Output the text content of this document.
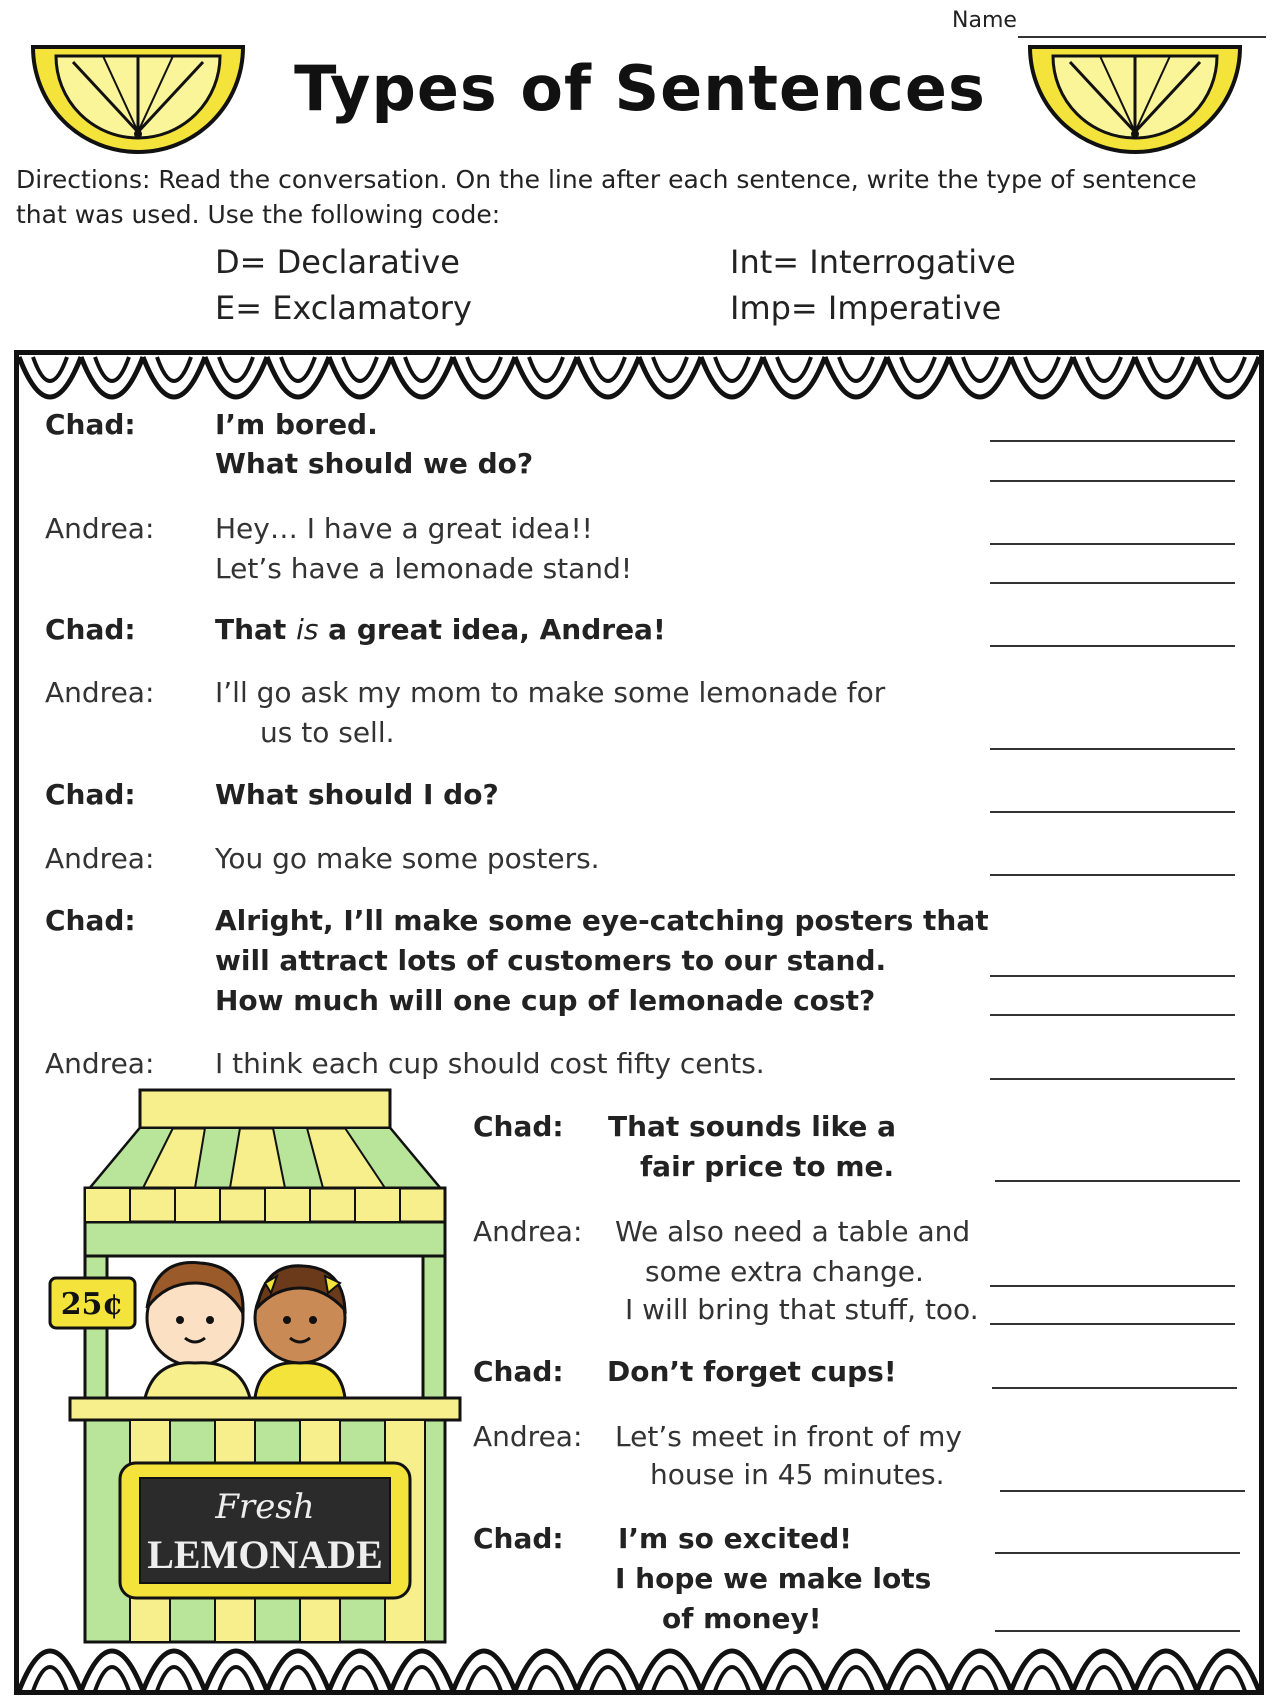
Name
Types of Sentences
Directions: Read the conversation. On the line after each sentence, write the type of sentence that was used. Use the following code:
D= Declarative
E= Exclamatory
Int= Interrogative
Imp= Imperative
Chad:	I’m bored.
What should we do?
Andrea: Hey… I have a great idea!!
Let’s have a lemonade stand!
Chad:	That is a great idea, Andrea!
Andrea: I’ll go ask my mom to make some lemonade for
us to sell.
Chad:	What should I do?
Andrea: You go make some posters.
Chad:	Alright, I’ll make some eye-catching posters that
will attract lots of customers to our stand.
How much will one cup of lemonade cost?
Andrea: I think each cup should cost fifty cents.
Fresh
LEMONADE
25¢
Chad: That sounds like a
fair price to me.
Andrea: We also need a table and
some extra change.
I will bring that stuff, too.
Chad: Don’t forget cups!
Andrea: Let’s meet in front of my
house in 45 minutes.
Chad: I’m so excited!
I hope we make lots
of money!
